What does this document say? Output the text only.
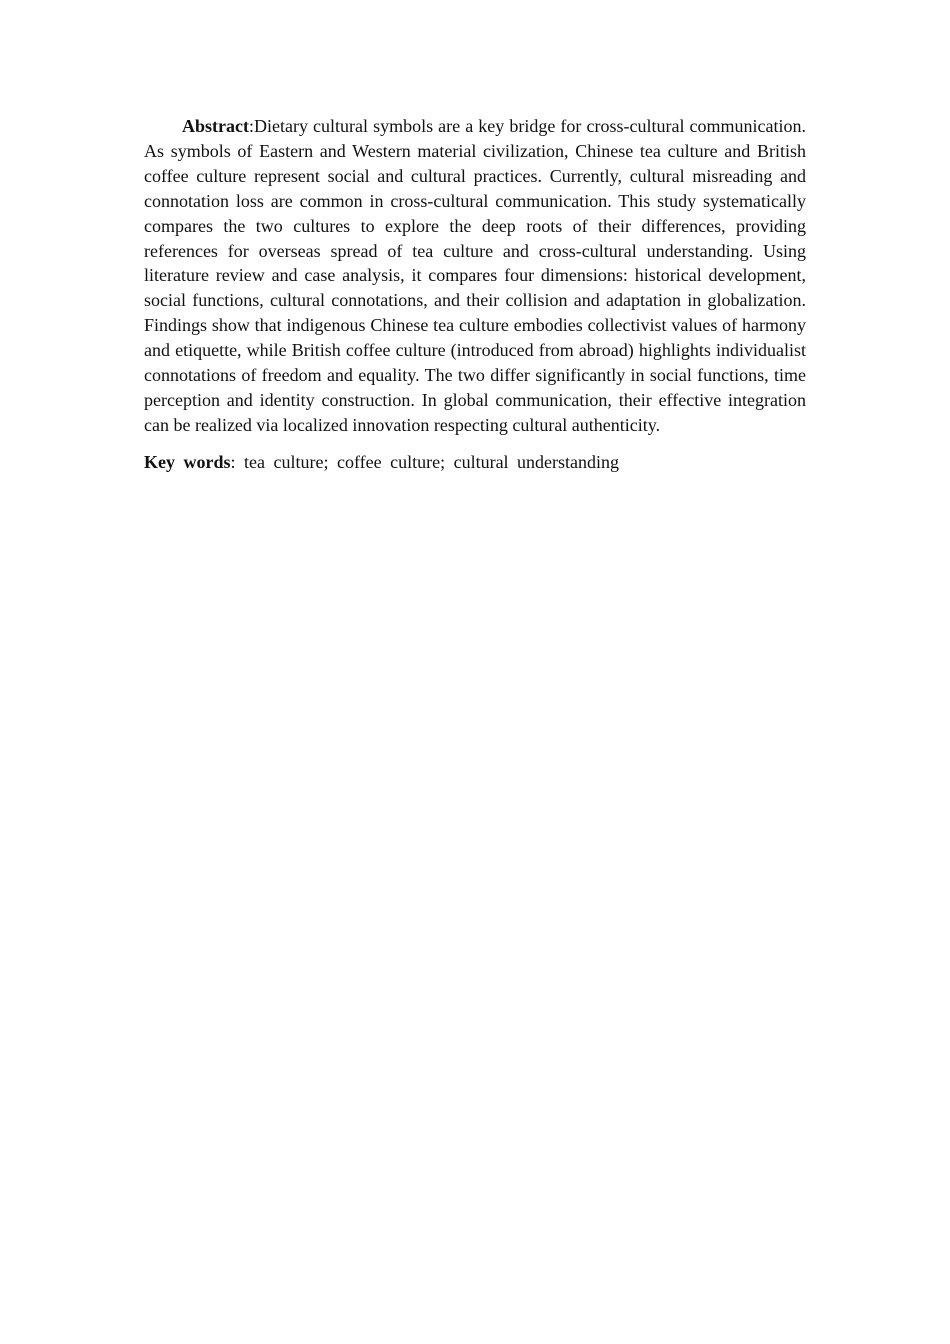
Abstract:Dietary cultural symbols are a key bridge for cross-cultural communication. As symbols of Eastern and Western material civilization, Chinese tea culture and British coffee culture represent social and cultural practices. Currently, cultural misreading and connotation loss are common in cross-cultural communication. This study systematically compares the two cultures to explore the deep roots of their differences, providing references for overseas spread of tea culture and cross-cultural understanding. Using literature review and case analysis, it compares four dimensions: historical development, social functions, cultural connotations, and their collision and adaptation in globalization. Findings show that indigenous Chinese tea culture embodies collectivist values of harmony and etiquette, while British coffee culture (introduced from abroad) highlights individualist connotations of freedom and equality. The two differ significantly in social functions, time perception and identity construction. In global communication, their effective integration can be realized via localized innovation respecting cultural authenticity.

Key words: tea culture; coffee culture; cultural understanding
